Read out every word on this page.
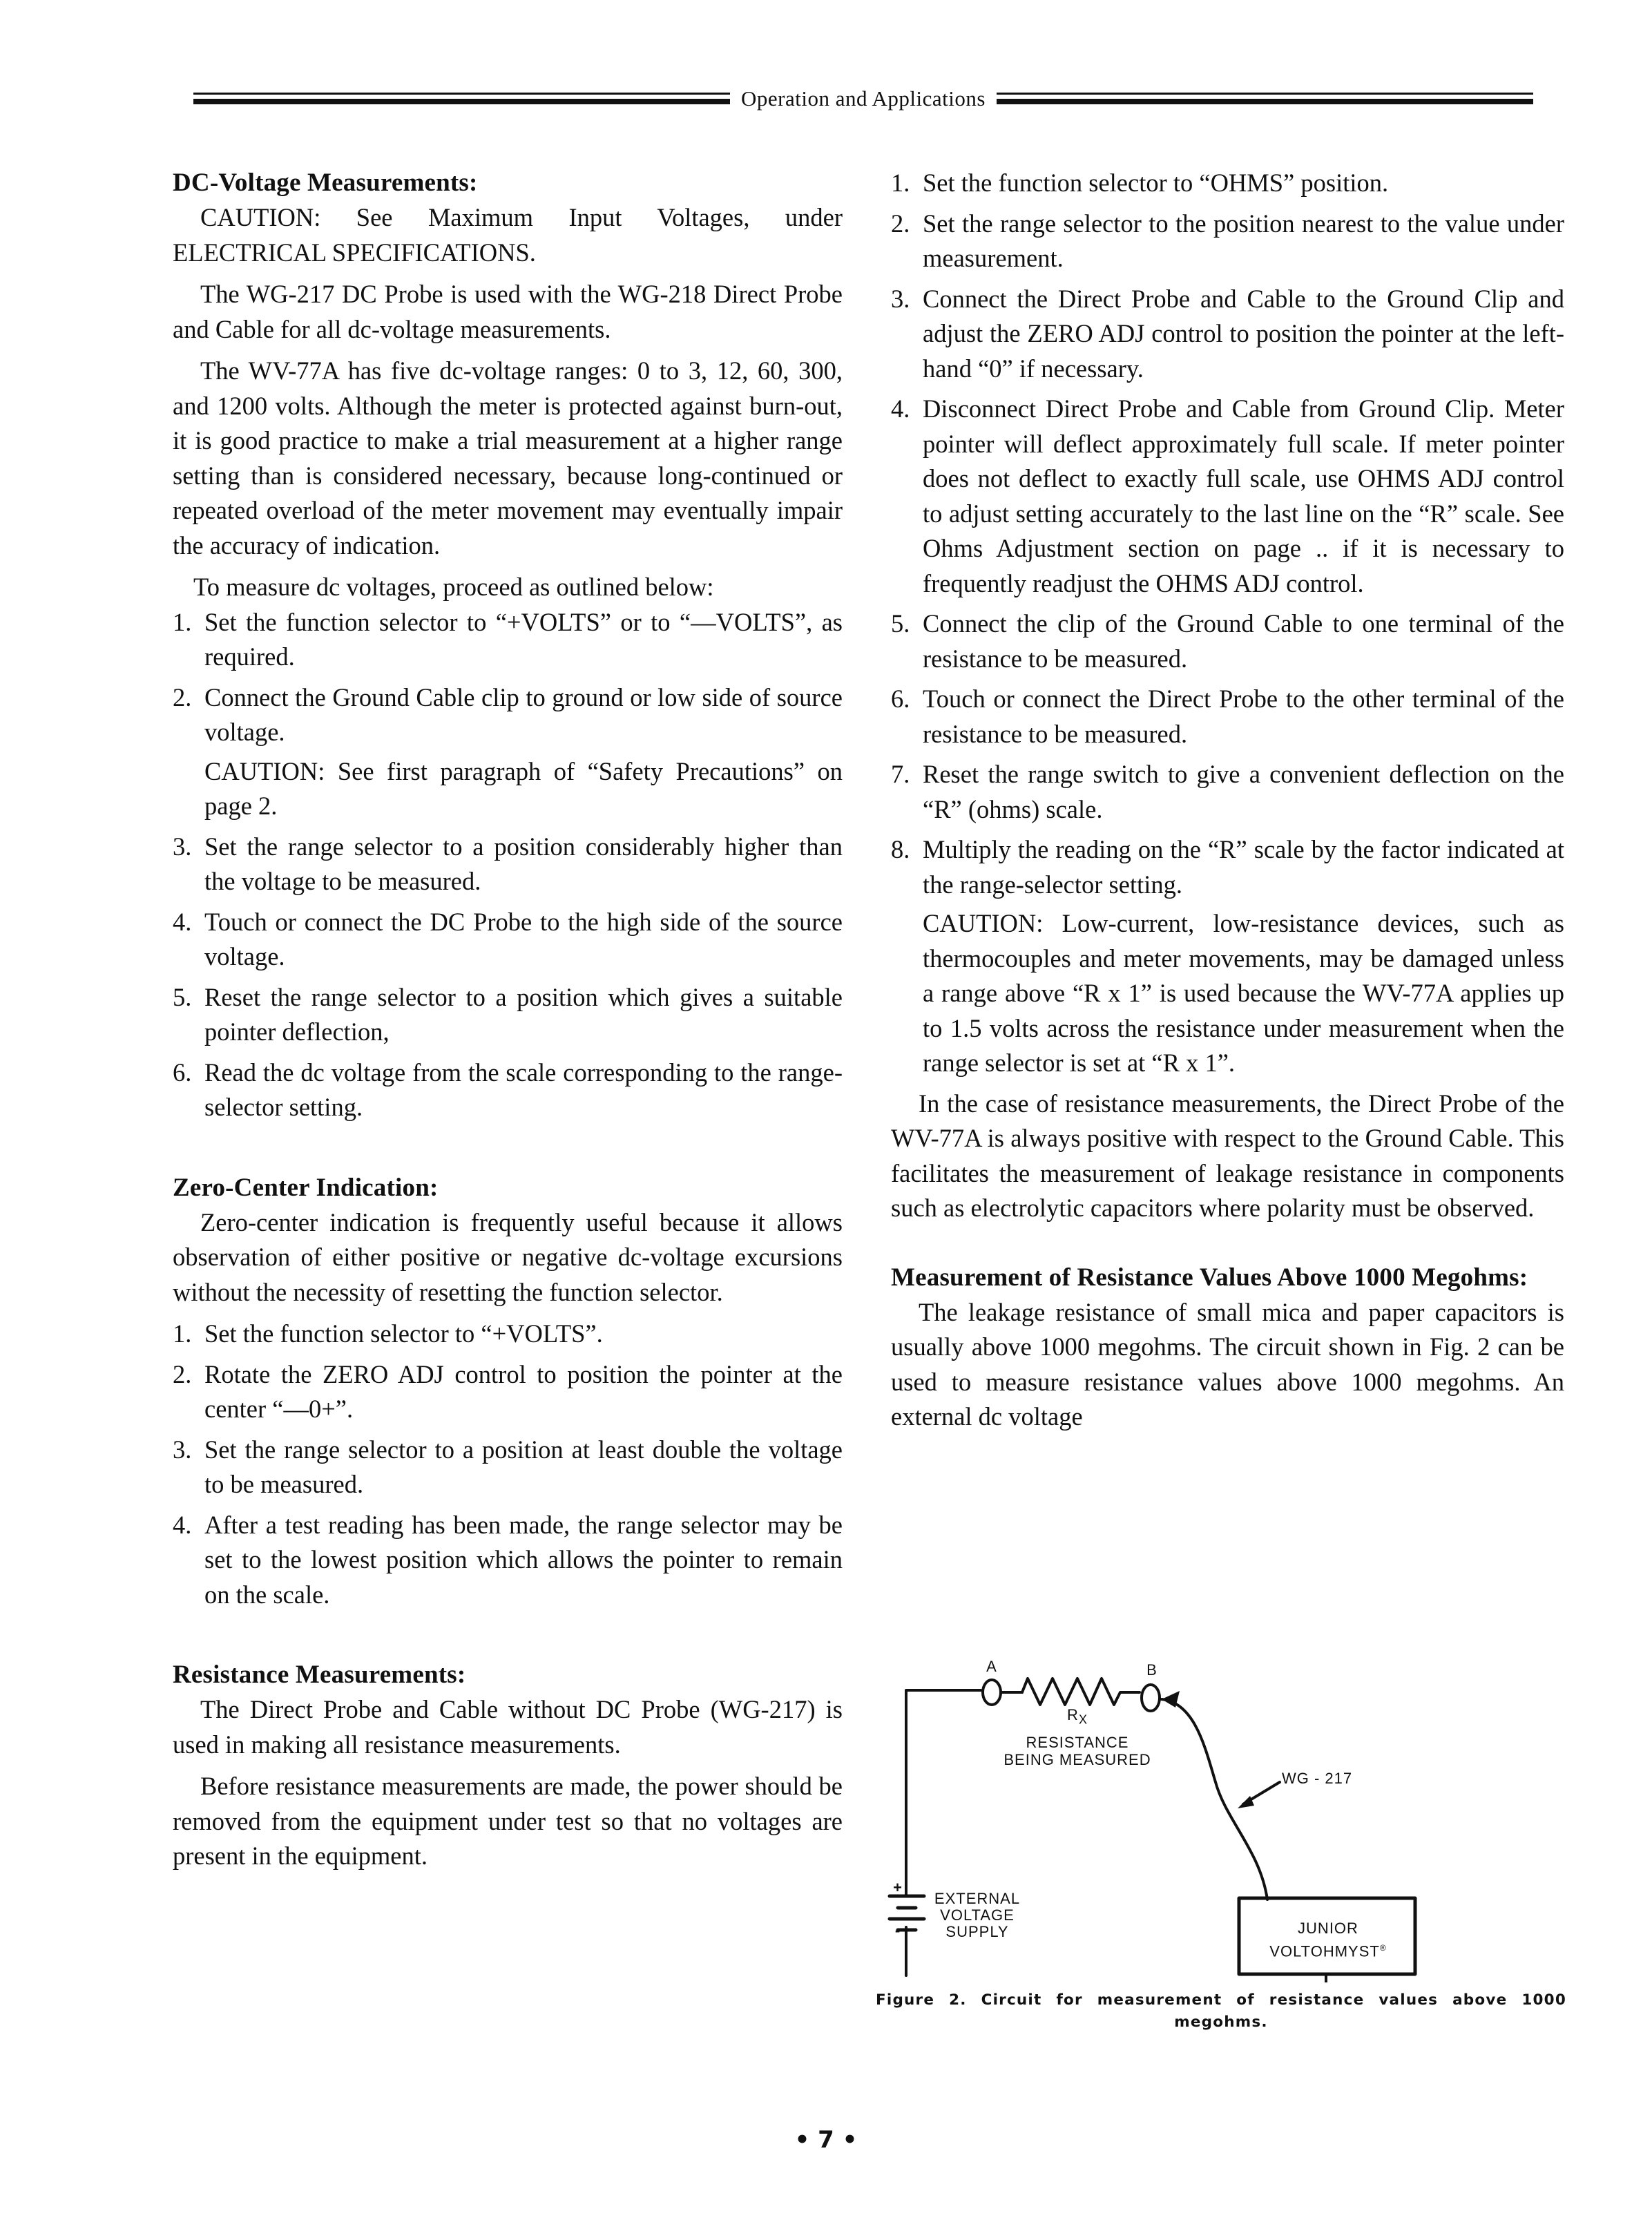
Operation and Applications
DC-Voltage Measurements:

CAUTION: See Maximum Input Voltages, under ELECTRICAL SPECIFICATIONS.

The WG-217 DC Probe is used with the WG-218 Direct Probe and Cable for all dc-voltage measurements.

The WV-77A has five dc-voltage ranges: 0 to 3, 12, 60, 300, and 1200 volts. Although the meter is protected against burn-out, it is good practice to make a trial measurement at a higher range setting than is considered necessary, because long-continued or repeated overload of the meter movement may eventually impair the accuracy of indication.

To measure dc voltages, proceed as outlined below:

1. Set the function selector to “+VOLTS” or to “—VOLTS”, as required.
2. Connect the Ground Cable clip to ground or low side of source voltage.
CAUTION: See first paragraph of “Safety Precautions” on page 2.
3. Set the range selector to a position considerably higher than the voltage to be measured.
4. Touch or connect the DC Probe to the high side of the source voltage.
5. Reset the range selector to a position which gives a suitable pointer deflection,
6. Read the dc voltage from the scale corresponding to the range-selector setting.
Zero-Center Indication:

Zero-center indication is frequently useful because it allows observation of either positive or negative dc-voltage excursions without the necessity of resetting the function selector.

1. Set the function selector to “+VOLTS”.
2. Rotate the ZERO ADJ control to position the pointer at the center “—0+”.
3. Set the range selector to a position at least double the voltage to be measured.
4. After a test reading has been made, the range selector may be set to the lowest position which allows the pointer to remain on the scale.
Resistance Measurements:

The Direct Probe and Cable without DC Probe (WG-217) is used in making all resistance measurements.

Before resistance measurements are made, the power should be removed from the equipment under test so that no voltages are present in the equipment.

1. Set the function selector to “OHMS” position.
2. Set the range selector to the position nearest to the value under measurement.
3. Connect the Direct Probe and Cable to the Ground Clip and adjust the ZERO ADJ control to position the pointer at the left-hand “0” if necessary.
4. Disconnect Direct Probe and Cable from Ground Clip. Meter pointer will deflect approximately full scale. If meter pointer does not deflect to exactly full scale, use OHMS ADJ control to adjust setting accurately to the last line on the “R” scale. See Ohms Adjustment section on page .. if it is necessary to frequently readjust the OHMS ADJ control.
5. Connect the clip of the Ground Cable to one terminal of the resistance to be measured.
6. Touch or connect the Direct Probe to the other terminal of the resistance to be measured.
7. Reset the range switch to give a convenient deflection on the “R” (ohms) scale.
8. Multiply the reading on the “R” scale by the factor indicated at the range-selector setting.
CAUTION: Low-current, low-resistance devices, such as thermocouples and meter movements, may be damaged unless a range above “R x 1” is used because the WV-77A applies up to 1.5 volts across the resistance under measurement when the range selector is set at “R x 1”.

In the case of resistance measurements, the Direct Probe of the WV-77A is always positive with respect to the Ground Cable. This facilitates the measurement of leakage resistance in components such as electrolytic capacitors where polarity must be observed.

Measurement of Resistance Values Above 1000 Megohms:

The leakage resistance of small mica and paper capacitors is usually above 1000 megohms. The circuit shown in Fig. 2 can be used to measure resistance values above 1000 megohms. An external dc voltage

A	B
$R_X$
RESISTANCE
BEING MEASURED
WG - 217
+
-
EXTERNAL
VOLTAGE
SUPPLY	JUNIOR
VOLTOHMYST®
Figure 2. Circuit for measurement of resistance values above 1000 megohms.
• 7 •
